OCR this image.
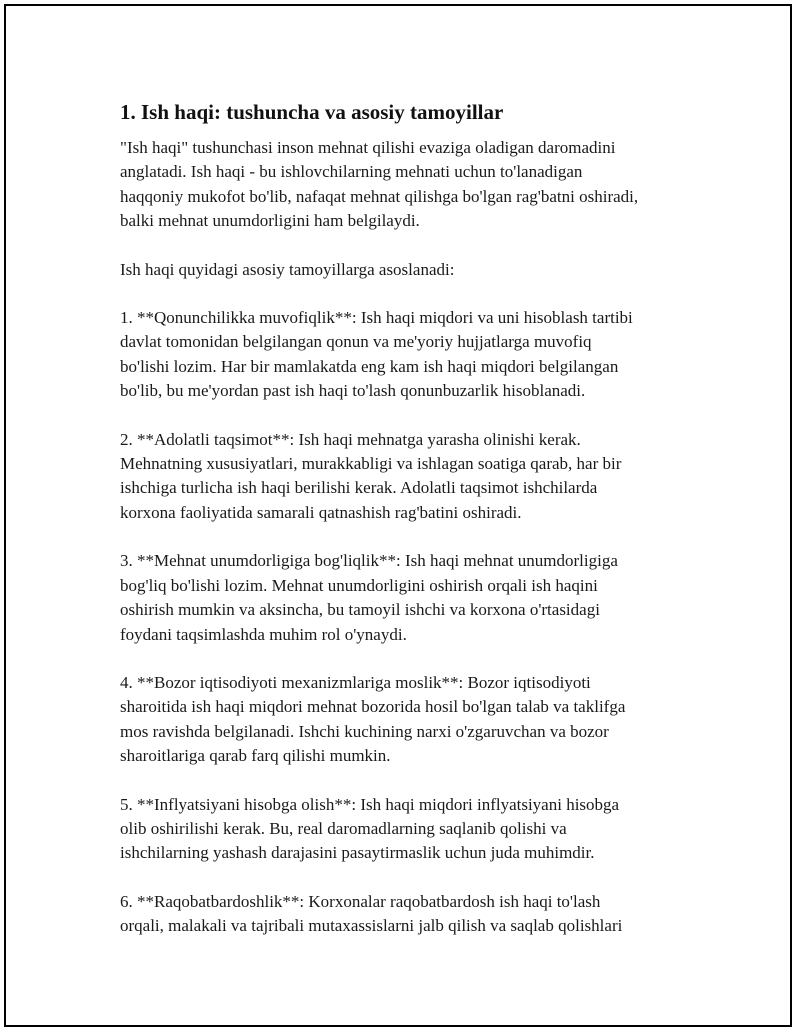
1. Ish haqi: tushuncha va asosiy tamoyillar

"Ish haqi" tushunchasi inson mehnat qilishi evaziga oladigan daromadini
anglatadi. Ish haqi - bu ishlovchilarning mehnati uchun to'lanadigan
haqqoniy mukofot bo'lib, nafaqat mehnat qilishga bo'lgan rag'batni oshiradi,
balki mehnat unumdorligini ham belgilaydi.

Ish haqi quyidagi asosiy tamoyillarga asoslanadi:

1. **Qonunchilikka muvofiqlik**: Ish haqi miqdori va uni hisoblash tartibi
davlat tomonidan belgilangan qonun va me'yoriy hujjatlarga muvofiq
bo'lishi lozim. Har bir mamlakatda eng kam ish haqi miqdori belgilangan
bo'lib, bu me'yordan past ish haqi to'lash qonunbuzarlik hisoblanadi.

2. **Adolatli taqsimot**: Ish haqi mehnatga yarasha olinishi kerak.
Mehnatning xususiyatlari, murakkabligi va ishlagan soatiga qarab, har bir
ishchiga turlicha ish haqi berilishi kerak. Adolatli taqsimot ishchilarda
korxona faoliyatida samarali qatnashish rag'batini oshiradi.

3. **Mehnat unumdorligiga bog'liqlik**: Ish haqi mehnat unumdorligiga
bog'liq bo'lishi lozim. Mehnat unumdorligini oshirish orqali ish haqini
oshirish mumkin va aksincha, bu tamoyil ishchi va korxona o'rtasidagi
foydani taqsimlashda muhim rol o'ynaydi.

4. **Bozor iqtisodiyoti mexanizmlariga moslik**: Bozor iqtisodiyoti
sharoitida ish haqi miqdori mehnat bozorida hosil bo'lgan talab va taklifga
mos ravishda belgilanadi. Ishchi kuchining narxi o'zgaruvchan va bozor
sharoitlariga qarab farq qilishi mumkin.

5. **Inflyatsiyani hisobga olish**: Ish haqi miqdori inflyatsiyani hisobga
olib oshirilishi kerak. Bu, real daromadlarning saqlanib qolishi va
ishchilarning yashash darajasini pasaytirmaslik uchun juda muhimdir.

6. **Raqobatbardoshlik**: Korxonalar raqobatbardosh ish haqi to'lash
orqali, malakali va tajribali mutaxassislarni jalb qilish va saqlab qolishlari
